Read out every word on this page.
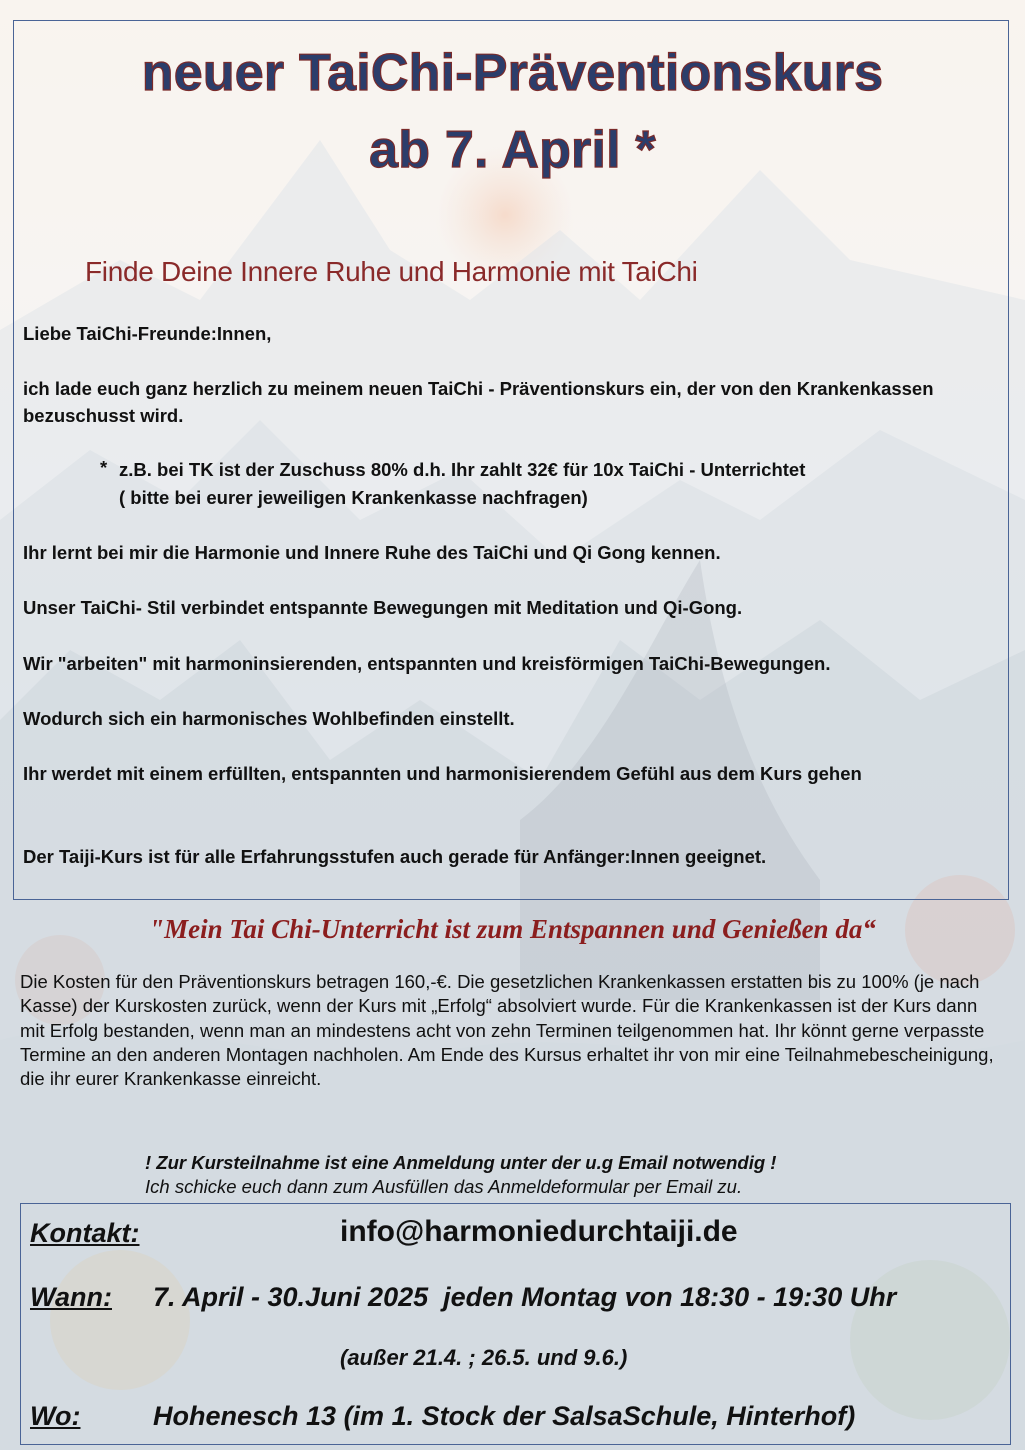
neuer TaiChi-Präventionskurs
ab 7. April *
Finde Deine Innere Ruhe und Harmonie mit TaiChi
Liebe TaiChi-Freunde:Innen,
ich lade euch ganz herzlich zu meinem neuen TaiChi - Präventionskurs ein, der von den Krankenkassen bezuschusst wird.
* z.B. bei TK ist der Zuschuss 80% d.h. Ihr zahlt 32€ für 10x TaiChi - Unterrichtet
( bitte bei eurer jeweiligen Krankenkasse nachfragen)
Ihr lernt bei mir die Harmonie und Innere Ruhe des TaiChi und Qi Gong kennen.
Unser TaiChi- Stil verbindet entspannte Bewegungen mit Meditation und Qi-Gong.
Wir "arbeiten" mit harmoninsierenden, entspannten und kreisförmigen TaiChi-Bewegungen.
Wodurch sich ein harmonisches Wohlbefinden einstellt.
Ihr werdet mit einem erfüllten, entspannten und harmonisierendem Gefühl aus dem Kurs gehen
Der Taiji-Kurs ist für alle Erfahrungsstufen auch gerade für Anfänger:Innen geeignet.
"Mein Tai Chi-Unterricht ist zum Entspannen und Genießen da“
Die Kosten für den Präventionskurs betragen 160,-€. Die gesetzlichen Krankenkassen erstatten bis zu 100% (je nach Kasse) der Kurskosten zurück, wenn der Kurs mit „Erfolg“ absolviert wurde. Für die Krankenkassen ist der Kurs dann mit Erfolg bestanden, wenn man an mindestens acht von zehn Terminen teilgenommen hat. Ihr könnt gerne verpasste Termine an den anderen Montagen nachholen. Am Ende des Kursus erhaltet ihr von mir eine Teilnahmebescheinigung, die ihr eurer Krankenkasse einreicht.
! Zur Kursteilnahme ist eine Anmeldung unter der u.g Email notwendig !
Ich schicke euch dann zum Ausfüllen das Anmeldeformular per Email zu.
Kontakt:	info@harmoniedurchtaiji.de
Wann: 7. April - 30.Juni 2025  jeden Montag von 18:30 - 19:30 Uhr
(außer 21.4. ; 26.5. und 9.6.)
Wo:	Hohenesch 13 (im 1. Stock der SalsaSchule, Hinterhof)
